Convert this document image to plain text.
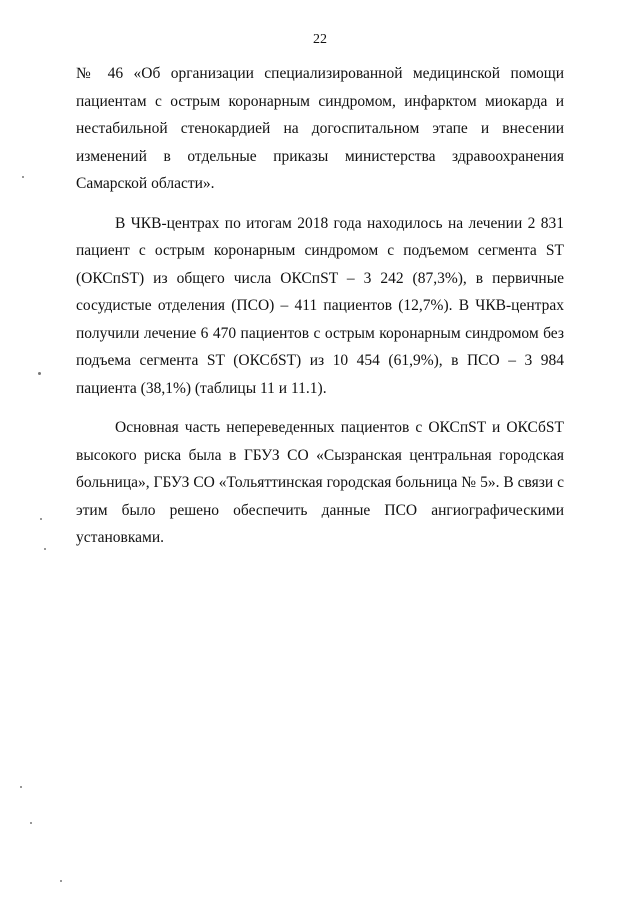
22

№ 46 «Об организации специализированной медицинской помощи пациентам с острым коронарным синдромом, инфарктом миокарда и нестабильной стенокардией на догоспитальном этапе и внесении изменений в отдельные приказы министерства здравоохранения Самарской области».

В ЧКВ-центрах по итогам 2018 года находилось на лечении 2 831 пациент с острым коронарным синдромом с подъемом сегмента ST (ОКСпST) из общего числа ОКСпST – 3 242 (87,3%), в первичные сосудистые отделения (ПСО) – 411 пациентов (12,7%). В ЧКВ-центрах получили лечение 6 470 пациентов с острым коронарным синдромом без подъема сегмента ST (ОКСбST) из 10 454 (61,9%), в ПСО – 3 984 пациента (38,1%) (таблицы 11 и 11.1).

Основная часть непереведенных пациентов с ОКСпST и ОКСбST высокого риска была в ГБУЗ СО «Сызранская центральная городская больница», ГБУЗ СО «Тольяттинская городская больница № 5». В связи с этим было решено обеспечить данные ПСО ангиографическими установками.
